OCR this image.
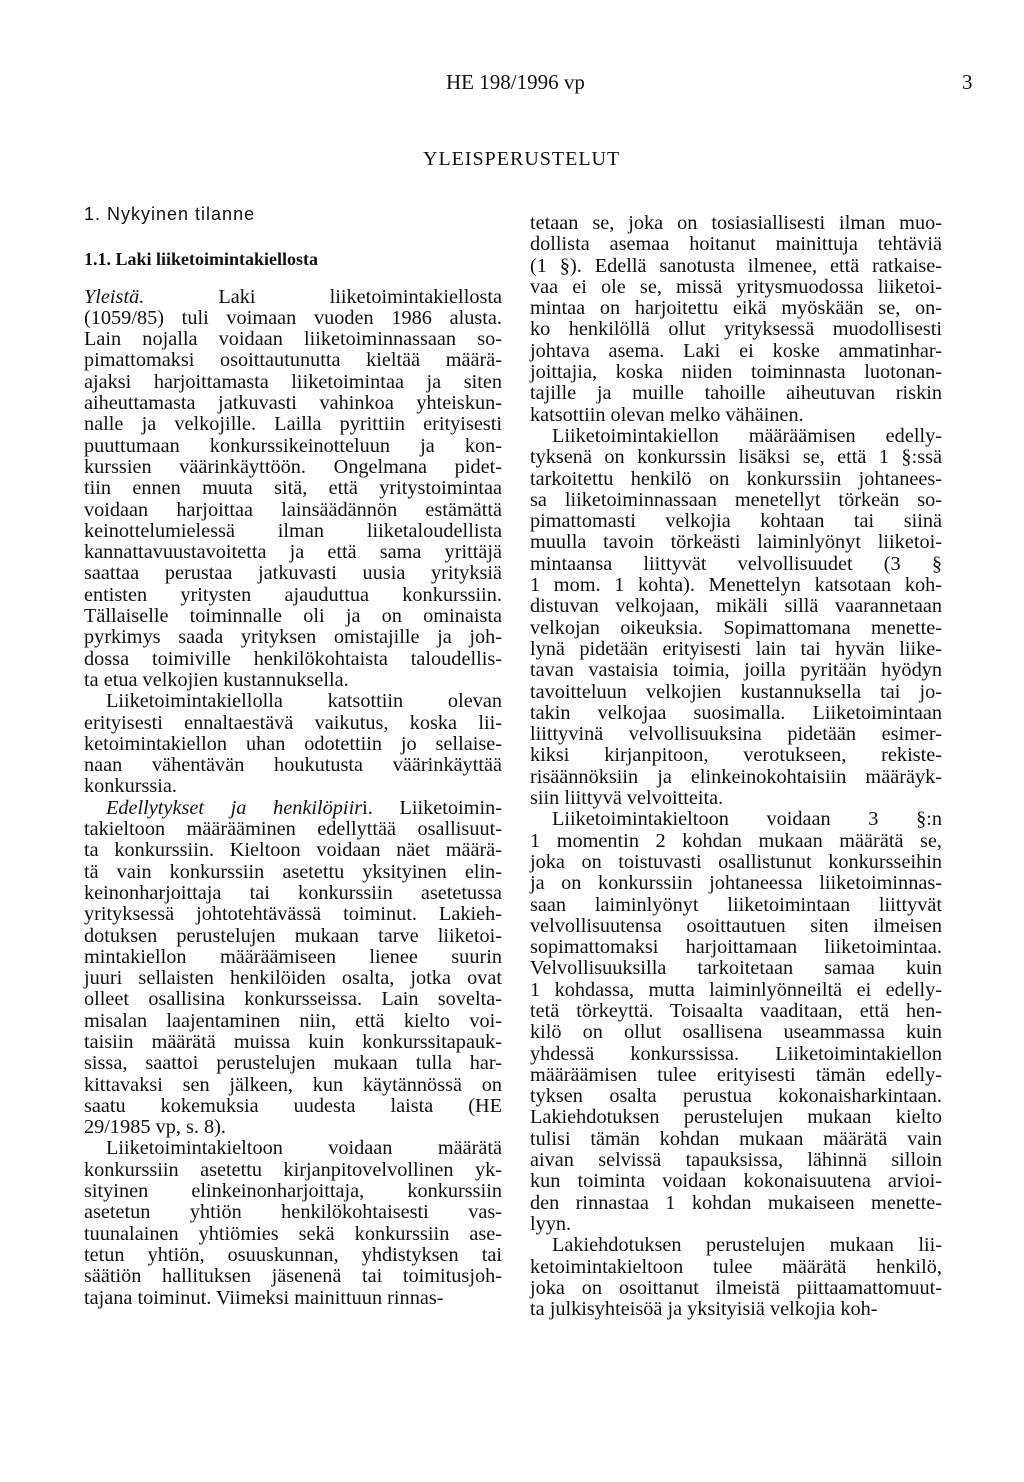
HE 198/1996 vp	3
YLEISPERUSTELUT
1. Nykyinen tilanne
1.1. Laki liiketoimintakiellosta
Yleistä. Laki liiketoimintakiellosta
(1059/85) tuli voimaan vuoden 1986 alusta.
Lain nojalla voidaan liiketoiminnassaan so-
pimattomaksi osoittautunutta kieltää määrä-
ajaksi harjoittamasta liiketoimintaa ja siten
aiheuttamasta jatkuvasti vahinkoa yhteiskun-
nalle ja velkojille. Lailla pyrittiin erityisesti
puuttumaan konkurssikeinotteluun ja kon-
kurssien väärinkäyttöön. Ongelmana pidet-
tiin ennen muuta sitä, että yritystoimintaa
voidaan harjoittaa lainsäädännön estämättä
keinottelumielessä ilman liiketaloudellista
kannattavuustavoitetta ja että sama yrittäjä
saattaa perustaa jatkuvasti uusia yrityksiä
entisten yritysten ajauduttua konkurssiin.
Tällaiselle toiminnalle oli ja on ominaista
pyrkimys saada yrityksen omistajille ja joh-
dossa toimiville henkilökohtaista taloudellis-
ta etua velkojien kustannuksella.
Liiketoimintakiellolla katsottiin olevan
erityisesti ennaltaestävä vaikutus, koska lii-
ketoimintakiellon uhan odotettiin jo sellaise-
naan vähentävän houkutusta väärinkäyttää
konkurssia.
Edellytykset ja henkilöpiiri. Liiketoimin-
takieltoon määrääminen edellyttää osallisuut-
ta konkurssiin. Kieltoon voidaan näet määrä-
tä vain konkurssiin asetettu yksityinen elin-
keinonharjoittaja tai konkurssiin asetetussa
yrityksessä johtotehtävässä toiminut. Lakieh-
dotuksen perustelujen mukaan tarve liiketoi-
mintakiellon määräämiseen lienee suurin
juuri sellaisten henkilöiden osalta, jotka ovat
olleet osallisina konkursseissa. Lain sovelta-
misalan laajentaminen niin, että kielto voi-
taisiin määrätä muissa kuin konkurssitapauk-
sissa, saattoi perustelujen mukaan tulla har-
kittavaksi sen jälkeen, kun käytännössä on
saatu kokemuksia uudesta laista (HE
29/1985 vp, s. 8).
Liiketoimintakieltoon voidaan määrätä
konkurssiin asetettu kirjanpitovelvollinen yk-
sityinen elinkeinonharjoittaja, konkurssiin
asetetun yhtiön henkilökohtaisesti vas-
tuunalainen yhtiömies sekä konkurssiin ase-
tetun yhtiön, osuuskunnan, yhdistyksen tai
säätiön hallituksen jäsenenä tai toimitusjoh-
tajana toiminut. Viimeksi mainittuun rinnas-
tetaan se, joka on tosiasiallisesti ilman muo-
dollista asemaa hoitanut mainittuja tehtäviä
(1 §). Edellä sanotusta ilmenee, että ratkaise-
vaa ei ole se, missä yritysmuodossa liiketoi-
mintaa on harjoitettu eikä myöskään se, on-
ko henkilöllä ollut yrityksessä muodollisesti
johtava asema. Laki ei koske ammatinhar-
joittajia, koska niiden toiminnasta luotonan-
tajille ja muille tahoille aiheutuvan riskin
katsottiin olevan melko vähäinen.
Liiketoimintakiellon määräämisen edelly-
tyksenä on konkurssin lisäksi se, että 1 §:ssä
tarkoitettu henkilö on konkurssiin johtanees-
sa liiketoiminnassaan menetellyt törkeän so-
pimattomasti velkojia kohtaan tai siinä
muulla tavoin törkeästi laiminlyönyt liiketoi-
mintaansa liittyvät velvollisuudet (3 §
1 mom. 1 kohta). Menettelyn katsotaan koh-
distuvan velkojaan, mikäli sillä vaarannetaan
velkojan oikeuksia. Sopimattomana menette-
lynä pidetään erityisesti lain tai hyvän liike-
tavan vastaisia toimia, joilla pyritään hyödyn
tavoitteluun velkojien kustannuksella tai jo-
takin velkojaa suosimalla. Liiketoimintaan
liittyvinä velvollisuuksina pidetään esimer-
kiksi kirjanpitoon, verotukseen, rekiste-
risäännöksiin ja elinkeinokohtaisiin määräyk-
siin liittyvä velvoitteita.
Liiketoimintakieltoon voidaan 3 §:n
1 momentin 2 kohdan mukaan määrätä se,
joka on toistuvasti osallistunut konkursseihin
ja on konkurssiin johtaneessa liiketoiminnas-
saan laiminlyönyt liiketoimintaan liittyvät
velvollisuutensa osoittautuen siten ilmeisen
sopimattomaksi harjoittamaan liiketoimintaa.
Velvollisuuksilla tarkoitetaan samaa kuin
1 kohdassa, mutta laiminlyönneiltä ei edelly-
tetä törkeyttä. Toisaalta vaaditaan, että hen-
kilö on ollut osallisena useammassa kuin
yhdessä konkurssissa. Liiketoimintakiellon
määräämisen tulee erityisesti tämän edelly-
tyksen osalta perustua kokonaisharkintaan.
Lakiehdotuksen perustelujen mukaan kielto
tulisi tämän kohdan mukaan määrätä vain
aivan selvissä tapauksissa, lähinnä silloin
kun toiminta voidaan kokonaisuutena arvioi-
den rinnastaa 1 kohdan mukaiseen menette-
lyyn.
Lakiehdotuksen perustelujen mukaan lii-
ketoimintakieltoon tulee määrätä henkilö,
joka on osoittanut ilmeistä piittaamattomuut-
ta julkisyhteisöä ja yksityisiä velkojia koh-
